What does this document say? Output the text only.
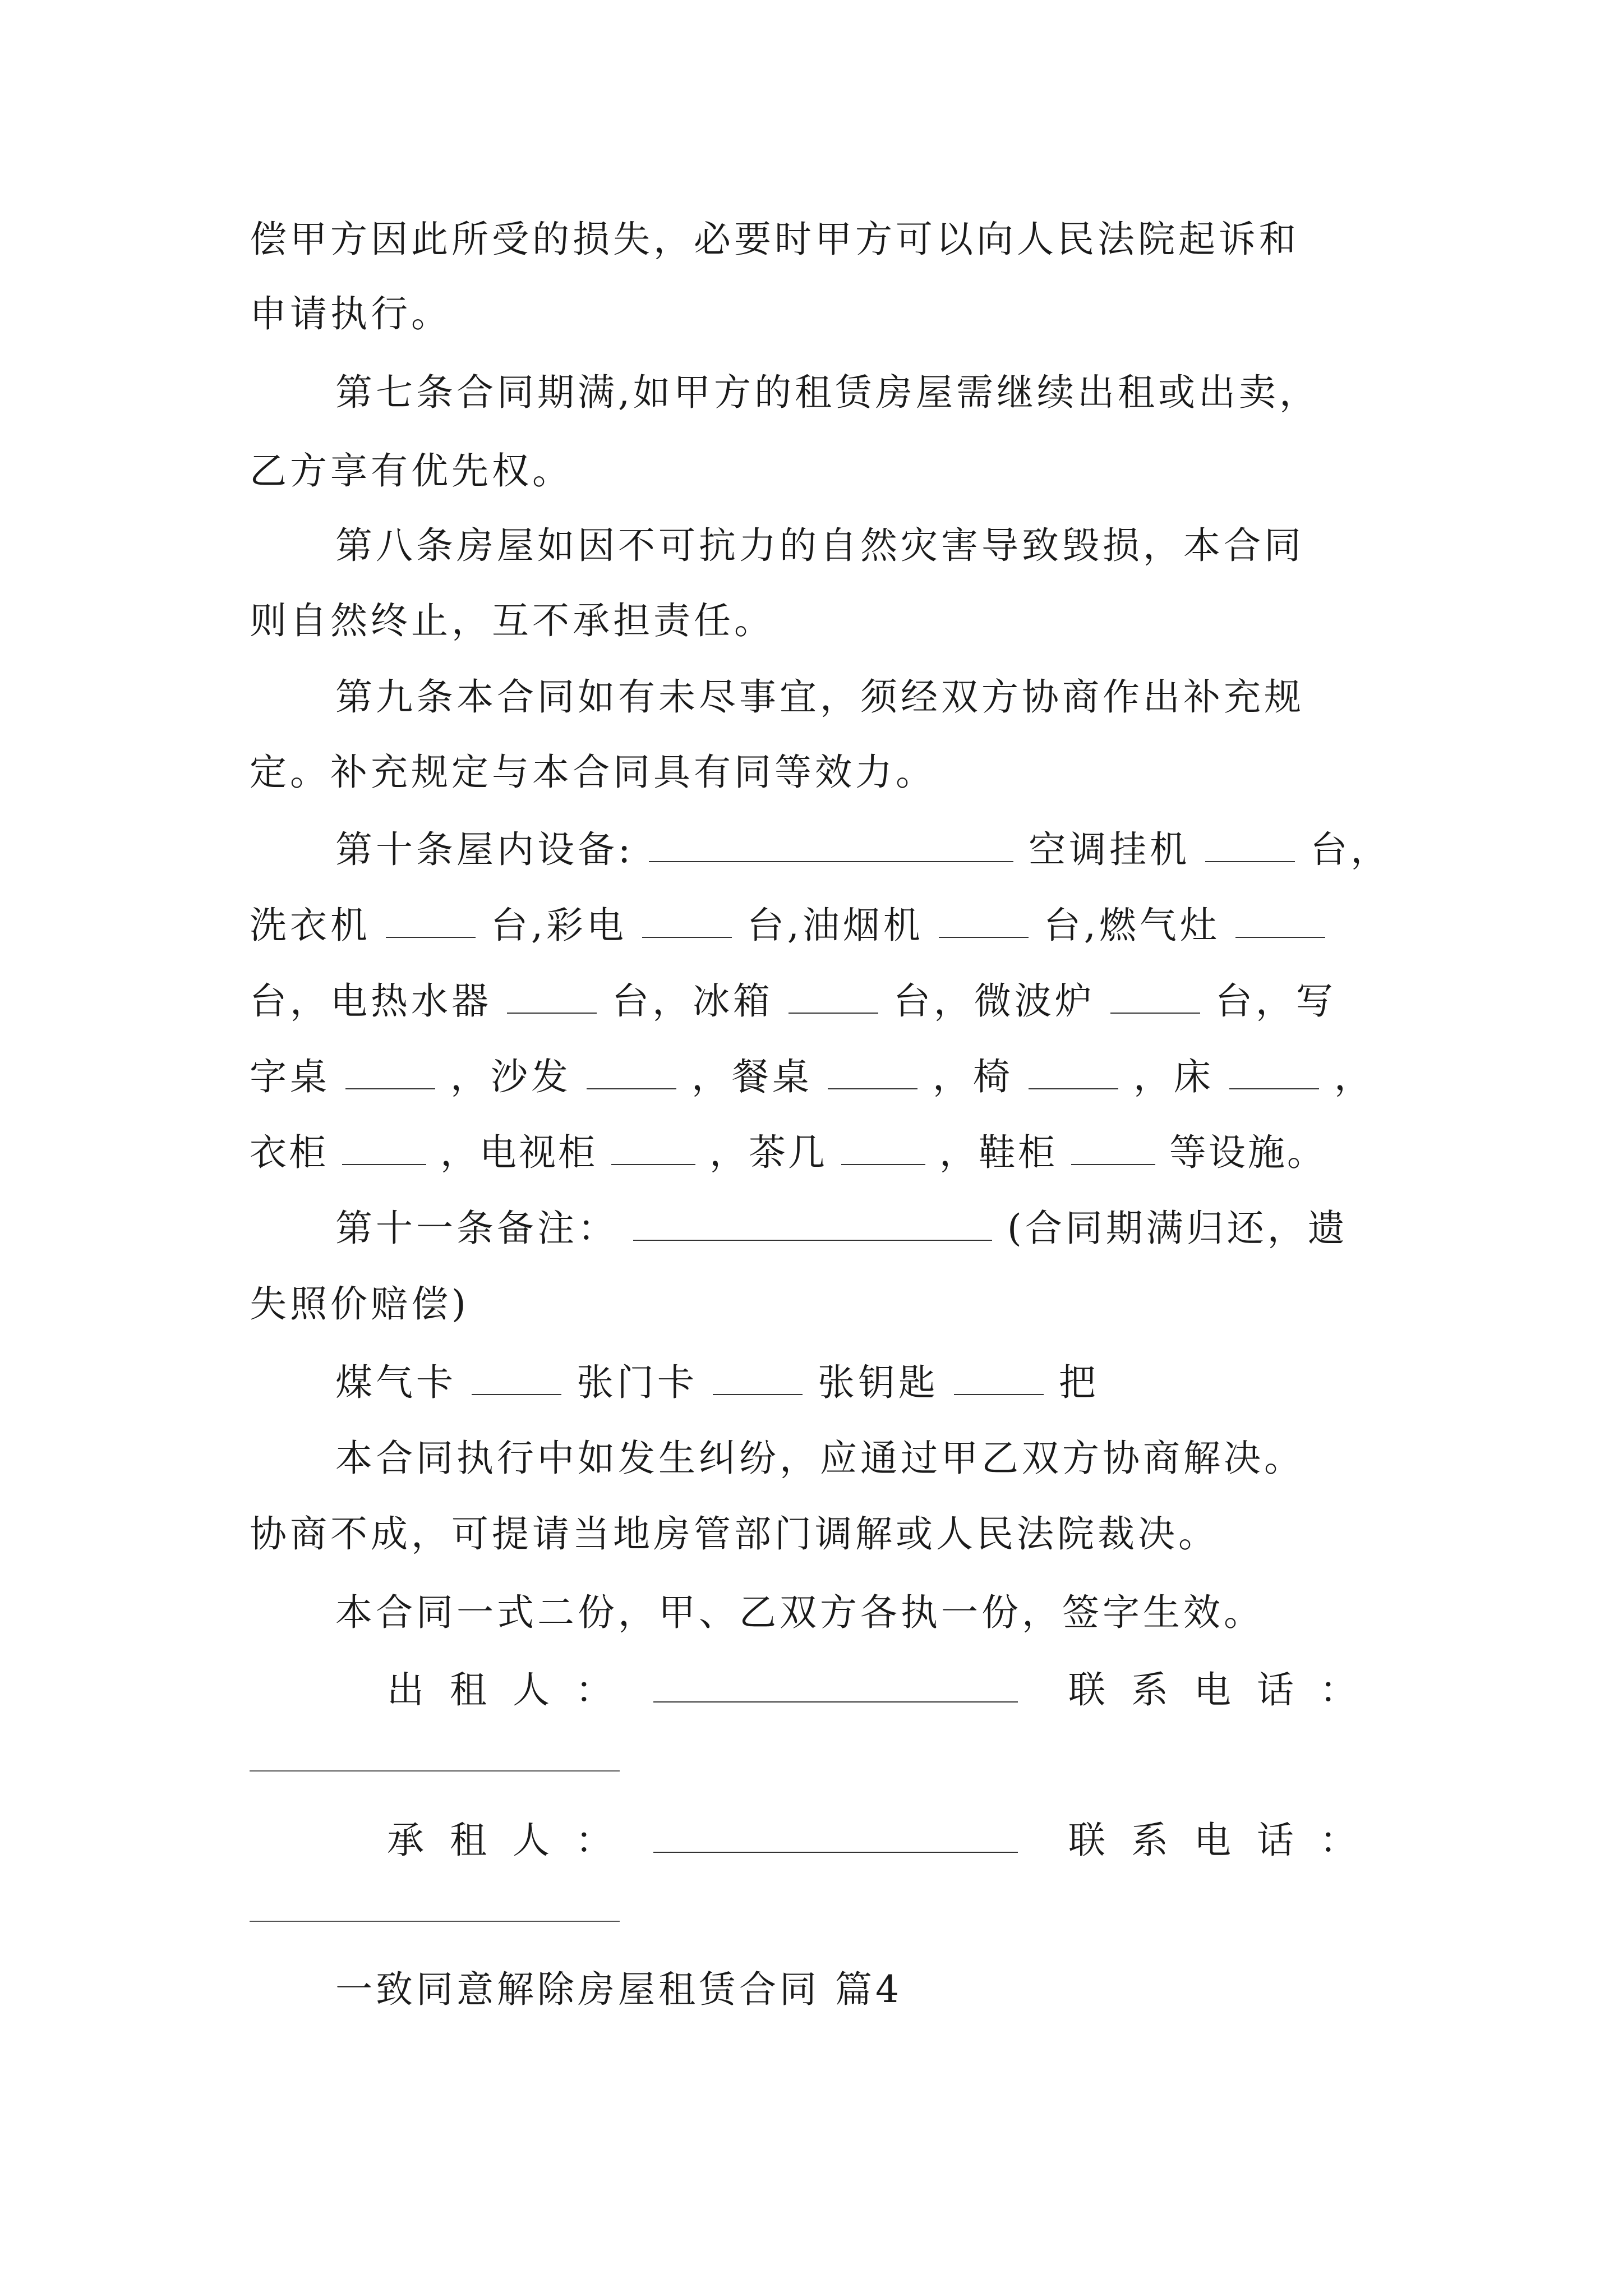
偿甲方因此所受的损失，必要时甲方可以向人民法院起诉和
申请执行。
第七条合同期满,如甲方的租赁房屋需继续出租或出卖，
乙方享有优先权。
第八条房屋如因不可抗力的自然灾害导致毁损，本合同
则自然终止，互不承担责任。
第九条本合同如有未尽事宜，须经双方协商作出补充规
定。补充规定与本合同具有同等效力。
第十条屋内设备:	空调挂机	台，
洗衣机	台,彩电	台,油烟机	台,燃气灶
台，电热水器	台，冰箱	台，微波炉	台，写
字桌	，沙发	，餐桌	，椅	，床	，
衣柜	，电视柜	，茶几	，鞋柜	等设施。
第十一条备注：	(合同期满归还，遗
失照价赔偿)
煤气卡	张门卡	张钥匙	把
本合同执行中如发生纠纷，应通过甲乙双方协商解决。
协商不成，可提请当地房管部门调解或人民法院裁决。
本合同一式二份，甲、乙双方各执一份，签字生效。
出租人：	联系电话：
承租人：	联系电话：
一致同意解除房屋租赁合同 篇4
